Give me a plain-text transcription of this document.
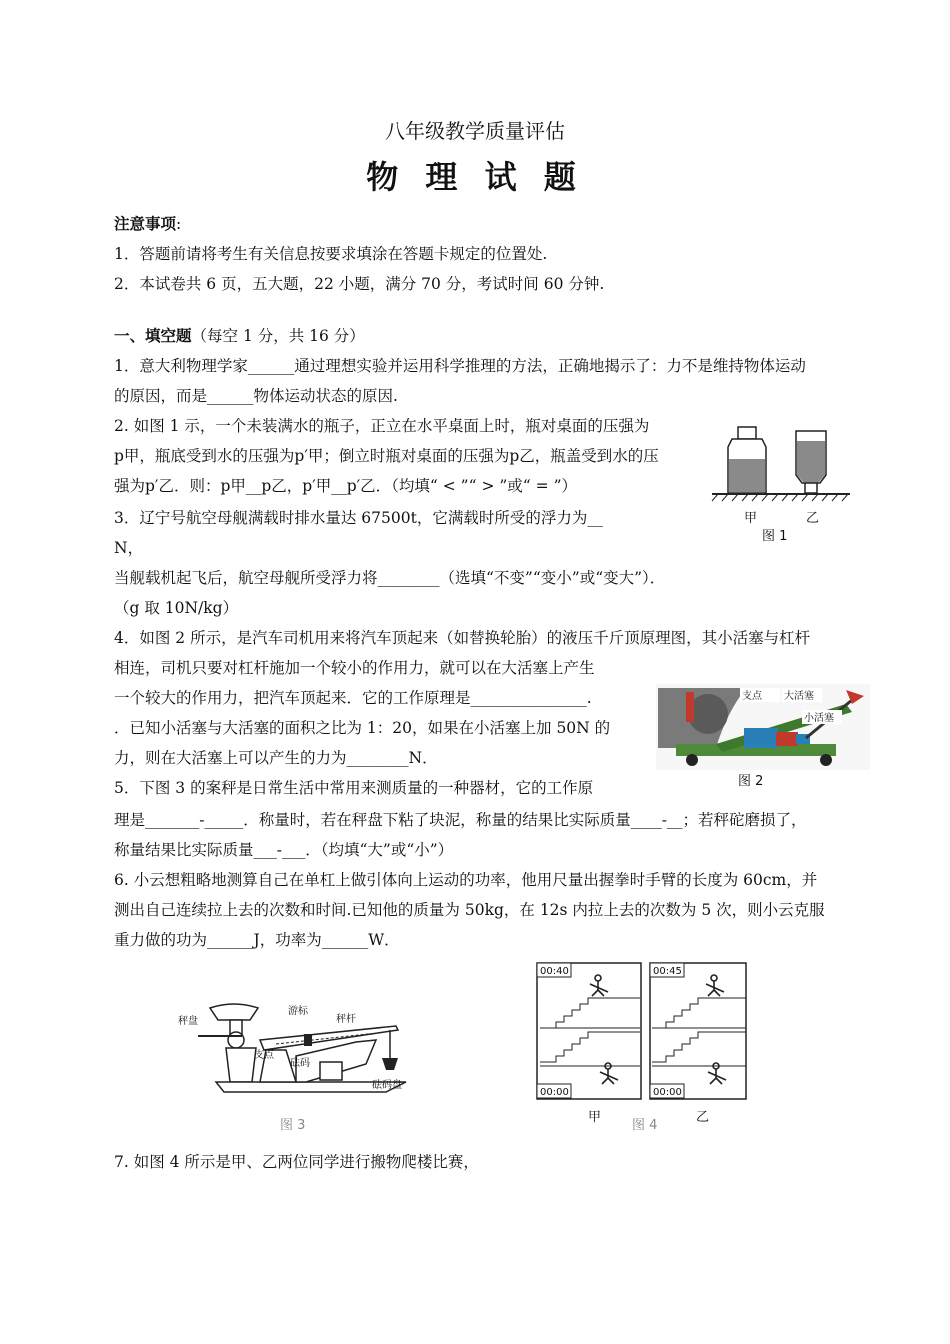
八年级教学质量评估
物 理 试 题
注意事项:
1．答题前请将考生有关信息按要求填涂在答题卡规定的位置处.
2．本试卷共 6 页，五大题，22 小题，满分 70 分，考试时间 60 分钟.
一、填空题（每空 1 分，共 16 分）
1．意大利物理学家______通过理想实验并运用科学推理的方法，正确地揭示了：力不是维持物体运动
的原因，而是______物体运动状态的原因.
2. 如图 1 示，一个未装满水的瓶子，正立在水平桌面上时，瓶对桌面的压强为
p甲，瓶底受到水的压强为p′甲；倒立时瓶对桌面的压强为p乙，瓶盖受到水的压
强为p′乙．则：p甲__p乙，p′甲__p′乙．（均填“ < ”“ > ”或“ = ”）
3．辽宁号航空母舰满载时排水量达 67500t，它满载时所受的浮力为__
N，
当舰载机起飞后，航空母舰所受浮力将________（选填“不变”“变小”或“变大”）．
（g 取 10N/kg）
4．如图 2 所示，是汽车司机用来将汽车顶起来（如替换轮胎）的液压千斤顶原理图，其小活塞与杠杆
相连，司机只要对杠杆施加一个较小的作用力，就可以在大活塞上产生
一个较大的作用力，把汽车顶起来．它的工作原理是_______________.
．已知小活塞与大活塞的面积之比为 1：20，如果在小活塞上加 50N 的
力，则在大活塞上可以产生的力为________N．
5．下图 3 的案秤是日常生活中常用来测质量的一种器材，它的工作原
理是_______-_____．称量时，若在秤盘下粘了块泥，称量的结果比实际质量____-__；若秤砣磨损了，
称量结果比实际质量___-___．（均填“大”或“小”）
6. 小云想粗略地测算自己在单杠上做引体向上运动的功率，他用尺量出握拳时手臂的长度为 60cm，并
测出自己连续拉上去的次数和时间.已知他的质量为 50kg，在 12s 内拉上去的次数为 5 次，则小云克服
重力做的功为______J，功率为______W．
7. 如图 4 所示是甲、乙两位同学进行搬物爬楼比赛，
甲	乙
图 1
支点 大活塞
小活塞
图 2
秤盘
游标
秤杆
支点
砝码
砝码盘
图 3
00:40
00:00
00:45
00:00
甲
图 4
乙
